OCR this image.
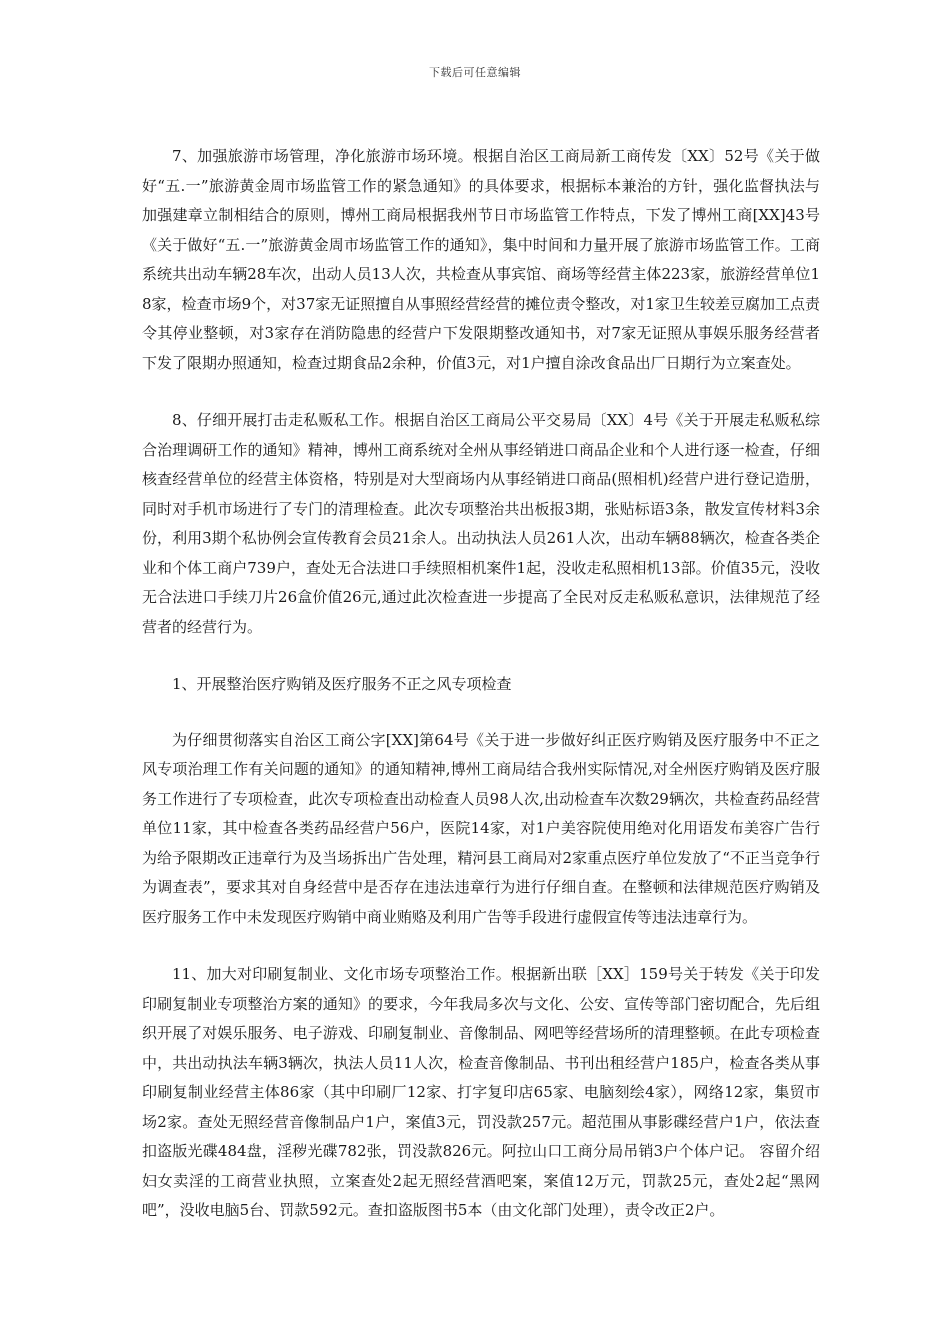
下载后可任意编辑

7、加强旅游市场管理，净化旅游市场环境。根据自治区工商局新工商传发〔XX〕52号《关于做好“五.一”旅游黄金周市场监管工作的紧急通知》的具体要求，根据标本兼治的方针，强化监督执法与加强建章立制相结合的原则，博州工商局根据我州节日市场监管工作特点，下发了博州工商[XX]43号《关于做好“五.一”旅游黄金周市场监管工作的通知》，集中时间和力量开展了旅游市场监管工作。工商系统共出动车辆28车次，出动人员13人次，共检查从事宾馆、商场等经营主体223家，旅游经营单位18家，检查市场9个，对37家无证照擅自从事照经营经营的摊位责令整改，对1家卫生较差豆腐加工点责令其停业整顿，对3家存在消防隐患的经营户下发限期整改通知书，对7家无证照从事娱乐服务经营者下发了限期办照通知，检查过期食品2余种，价值3元，对1户擅自涂改食品出厂日期行为立案查处。

8、仔细开展打击走私贩私工作。根据自治区工商局公平交易局〔XX〕4号《关于开展走私贩私综合治理调研工作的通知》精神，博州工商系统对全州从事经销进口商品企业和个人进行逐一检查，仔细核查经营单位的经营主体资格，特别是对大型商场内从事经销进口商品(照相机)经营户进行登记造册，同时对手机市场进行了专门的清理检查。此次专项整治共出板报3期，张贴标语3条，散发宣传材料3余份，利用3期个私协例会宣传教育会员21余人。出动执法人员261人次，出动车辆88辆次，检查各类企业和个体工商户739户，查处无合法进口手续照相机案件1起，没收走私照相机13部。价值35元，没收无合法进口手续刀片26盒价值26元,通过此次检查进一步提高了全民对反走私贩私意识，法律规范了经营者的经营行为。

1、开展整治医疗购销及医疗服务不正之风专项检查

为仔细贯彻落实自治区工商公字[XX]第64号《关于进一步做好纠正医疗购销及医疗服务中不正之风专项治理工作有关问题的通知》的通知精神,博州工商局结合我州实际情况,对全州医疗购销及医疗服务工作进行了专项检查，此次专项检查出动检查人员98人次,出动检查车次数29辆次，共检查药品经营单位11家，其中检查各类药品经营户56户，医院14家，对1户美容院使用绝对化用语发布美容广告行为给予限期改正违章行为及当场拆出广告处理，精河县工商局对2家重点医疗单位发放了“不正当竞争行为调查表”，要求其对自身经营中是否存在违法违章行为进行仔细自查。在整顿和法律规范医疗购销及医疗服务工作中未发现医疗购销中商业贿赂及利用广告等手段进行虚假宣传等违法违章行为。

11、加大对印刷复制业、文化市场专项整治工作。根据新出联［XX］159号关于转发《关于印发印刷复制业专项整治方案的通知》的要求，今年我局多次与文化、公安、宣传等部门密切配合，先后组织开展了对娱乐服务、电子游戏、印刷复制业、音像制品、网吧等经营场所的清理整顿。在此专项检查中，共出动执法车辆3辆次，执法人员11人次，检查音像制品、书刊出租经营户185户，检查各类从事印刷复制业经营主体86家（其中印刷厂12家、打字复印店65家、电脑刻绘4家），网络12家，集贸市场2家。查处无照经营音像制品户1户，案值3元，罚没款257元。超范围从事影碟经营户1户，依法查扣盗版光碟484盘，淫秽光碟782张，罚没款826元。阿拉山口工商分局吊销3户个体户记。 容留介绍妇女卖淫的工商营业执照，立案查处2起无照经营酒吧案，案值12万元，罚款25元，查处2起“黑网吧”，没收电脑5台、罚款592元。查扣盗版图书5本（由文化部门处理），责令改正2户。
